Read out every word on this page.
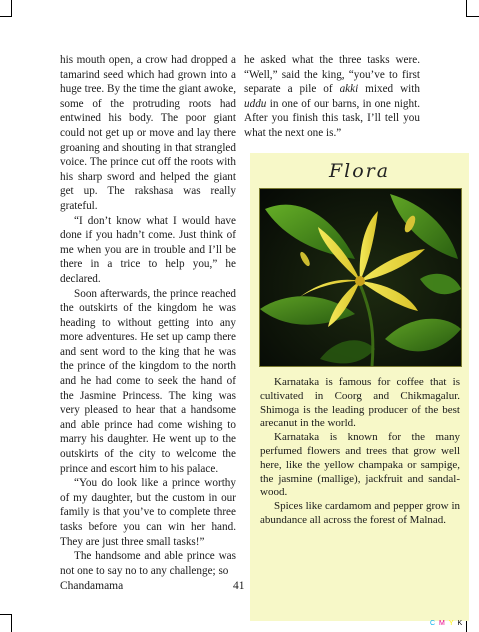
his mouth open, a crow had dropped a tamarind seed which had grown into a huge tree. By the time the giant awoke, some of the protruding roots had entwined his body. The poor giant could not get up or move and lay there groaning and shouting in that strangled voice. The prince cut off the roots with his sharp sword and helped the giant get up. The rakshasa was really grateful.

“I don’t know what I would have done if you hadn’t come. Just think of me when you are in trouble and I’ll be there in a trice to help you,” he declared.

Soon afterwards, the prince reached the outskirts of the kingdom he was heading to without getting into any more adventures. He set up camp there and sent word to the king that he was the prince of the kingdom to the north and he had come to seek the hand of the Jasmine Princess. The king was very pleased to hear that a handsome and able prince had come wishing to marry his daughter. He went up to the outskirts of the city to welcome the prince and escort him to his palace.

“You do look like a prince worthy of my daughter, but the custom in our family is that you’ve to complete three tasks before you can win her hand. They are just three small tasks!”

The handsome and able prince was not one to say no to any challenge; so

he asked what the three tasks were. “Well,” said the king, “you’ve to first separate a pile of akki mixed with uddu in one of our barns, in one night. After you finish this task, I’ll tell you what the next one is.”

Flora

Karnataka is famous for coffee that is cultivated in Coorg and Chikmagalur. Shimoga is the leading producer of the best arecanut in the world.

Karnataka is known for the many perfumed flowers and trees that grow well here, like the yellow champaka or sampige, the jasmine (mallige), jackfruit and sandal-wood.

Spices like cardamom and pepper grow in abundance all across the forest of Malnad.

Chandamama	41
C M Y K
